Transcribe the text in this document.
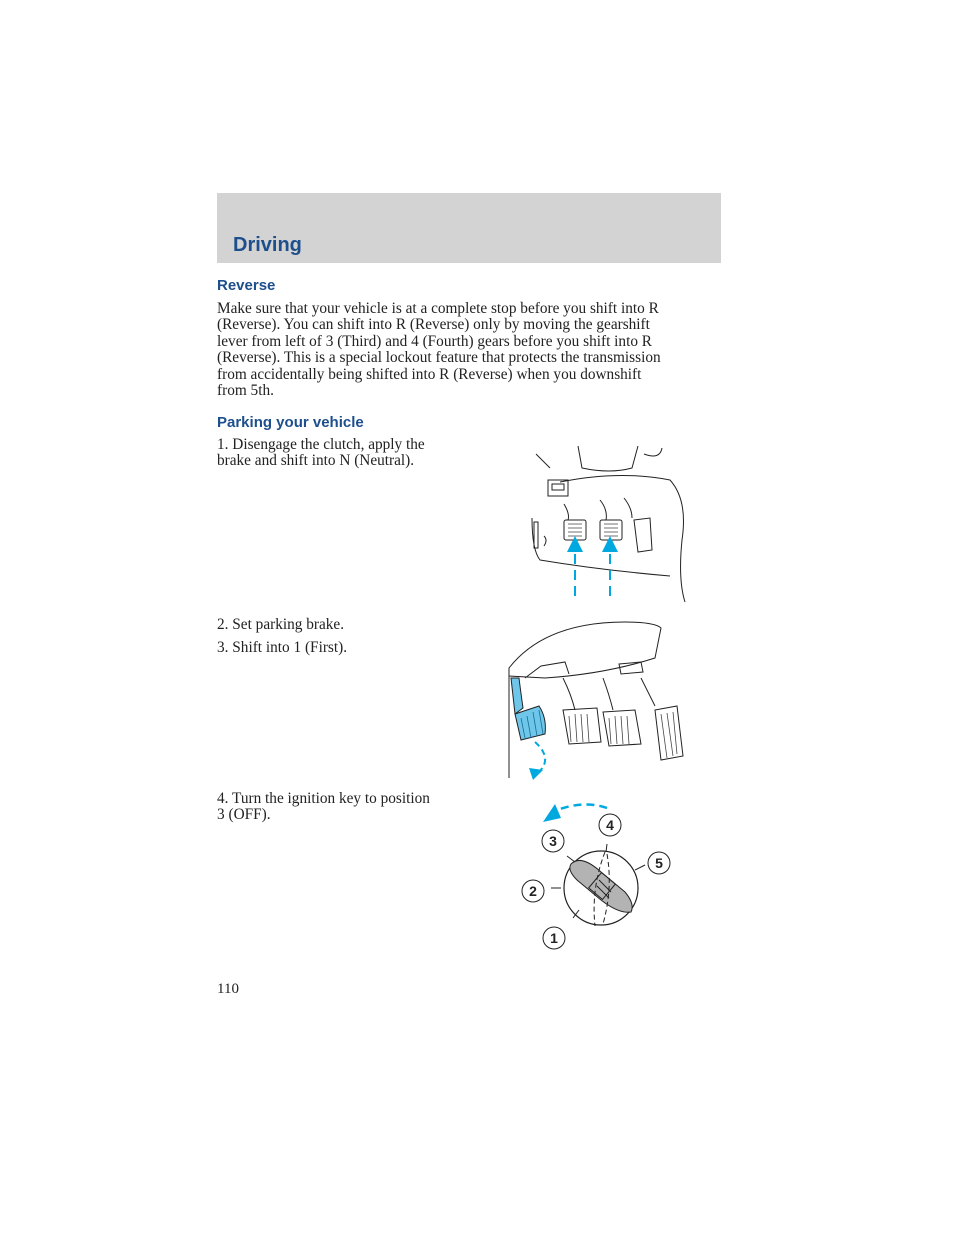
Driving
Reverse
Make sure that your vehicle is at a complete stop before you shift into R
(Reverse). You can shift into R (Reverse) only by moving the gearshift
lever from left of 3 (Third) and 4 (Fourth) gears before you shift into R
(Reverse). This is a special lockout feature that protects the transmission
from accidentally being shifted into R (Reverse) when you downshift
from 5th.
Parking your vehicle
1. Disengage the clutch, apply the
brake and shift into N (Neutral).
2. Set parking brake.
3. Shift into 1 (First).
4. Turn the ignition key to position
3 (OFF).
1
2
3
4
5
110
